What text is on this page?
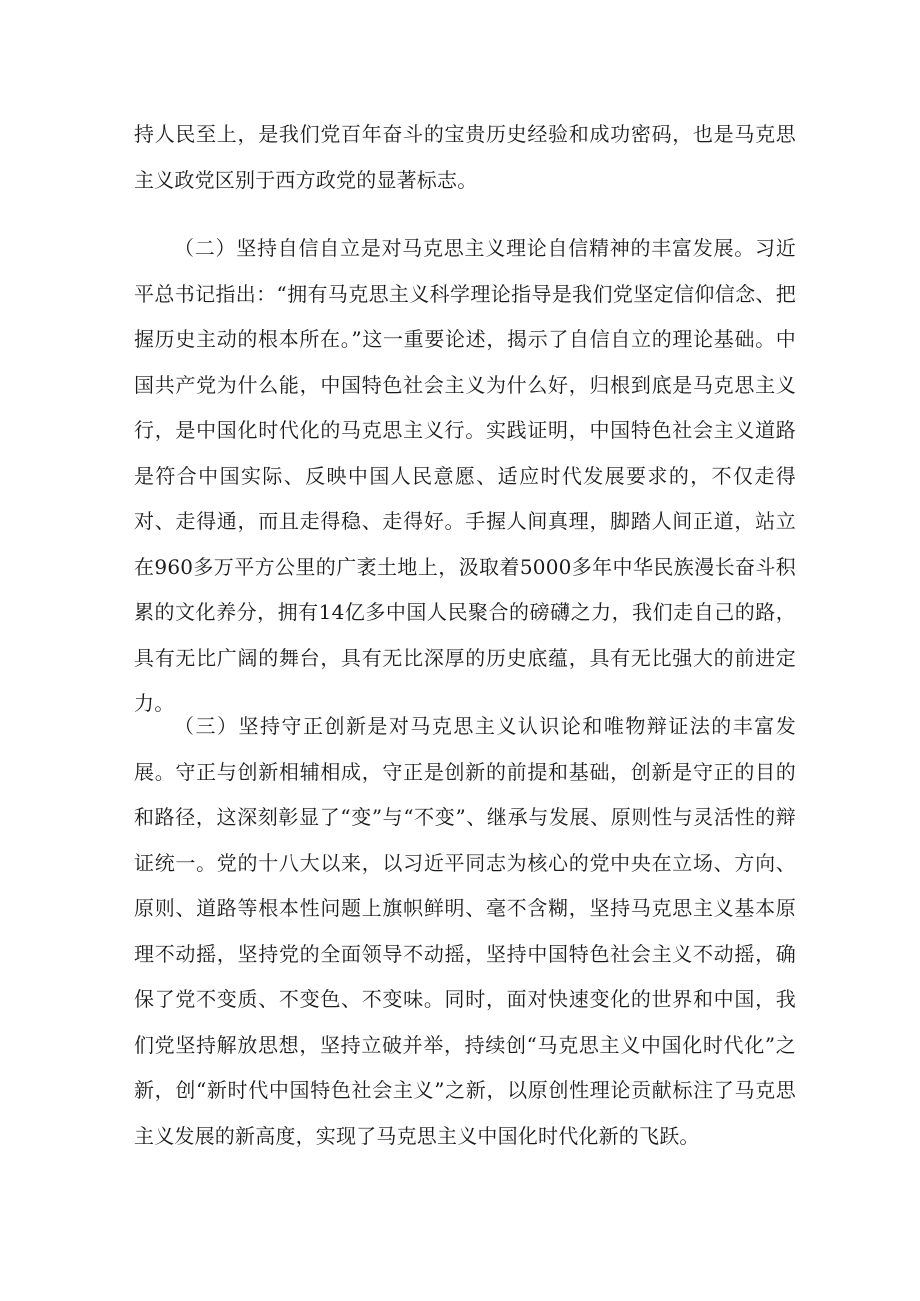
持人民至上，是我们党百年奋斗的宝贵历史经验和成功密码，也是马克思主义政党区别于西方政党的显著标志。

（二）坚持自信自立是对马克思主义理论自信精神的丰富发展。习近平总书记指出：“拥有马克思主义科学理论指导是我们党坚定信仰信念、把握历史主动的根本所在。”这一重要论述，揭示了自信自立的理论基础。中国共产党为什么能，中国特色社会主义为什么好，归根到底是马克思主义行，是中国化时代化的马克思主义行。实践证明，中国特色社会主义道路是符合中国实际、反映中国人民意愿、适应时代发展要求的，不仅走得对、走得通，而且走得稳、走得好。手握人间真理，脚踏人间正道，站立在960多万平方公里的广袤土地上，汲取着5000多年中华民族漫长奋斗积累的文化养分，拥有14亿多中国人民聚合的磅礴之力，我们走自己的路，具有无比广阔的舞台，具有无比深厚的历史底蕴，具有无比强大的前进定力。

（三）坚持守正创新是对马克思主义认识论和唯物辩证法的丰富发展。守正与创新相辅相成，守正是创新的前提和基础，创新是守正的目的和路径，这深刻彰显了“变”与“不变”、继承与发展、原则性与灵活性的辩证统一。党的十八大以来，以习近平同志为核心的党中央在立场、方向、原则、道路等根本性问题上旗帜鲜明、毫不含糊，坚持马克思主义基本原理不动摇，坚持党的全面领导不动摇，坚持中国特色社会主义不动摇，确保了党不变质、不变色、不变味。同时，面对快速变化的世界和中国，我们党坚持解放思想，坚持立破并举，持续创“马克思主义中国化时代化”之新，创“新时代中国特色社会主义”之新，以原创性理论贡献标注了马克思主义发展的新高度，实现了马克思主义中国化时代化新的飞跃。
